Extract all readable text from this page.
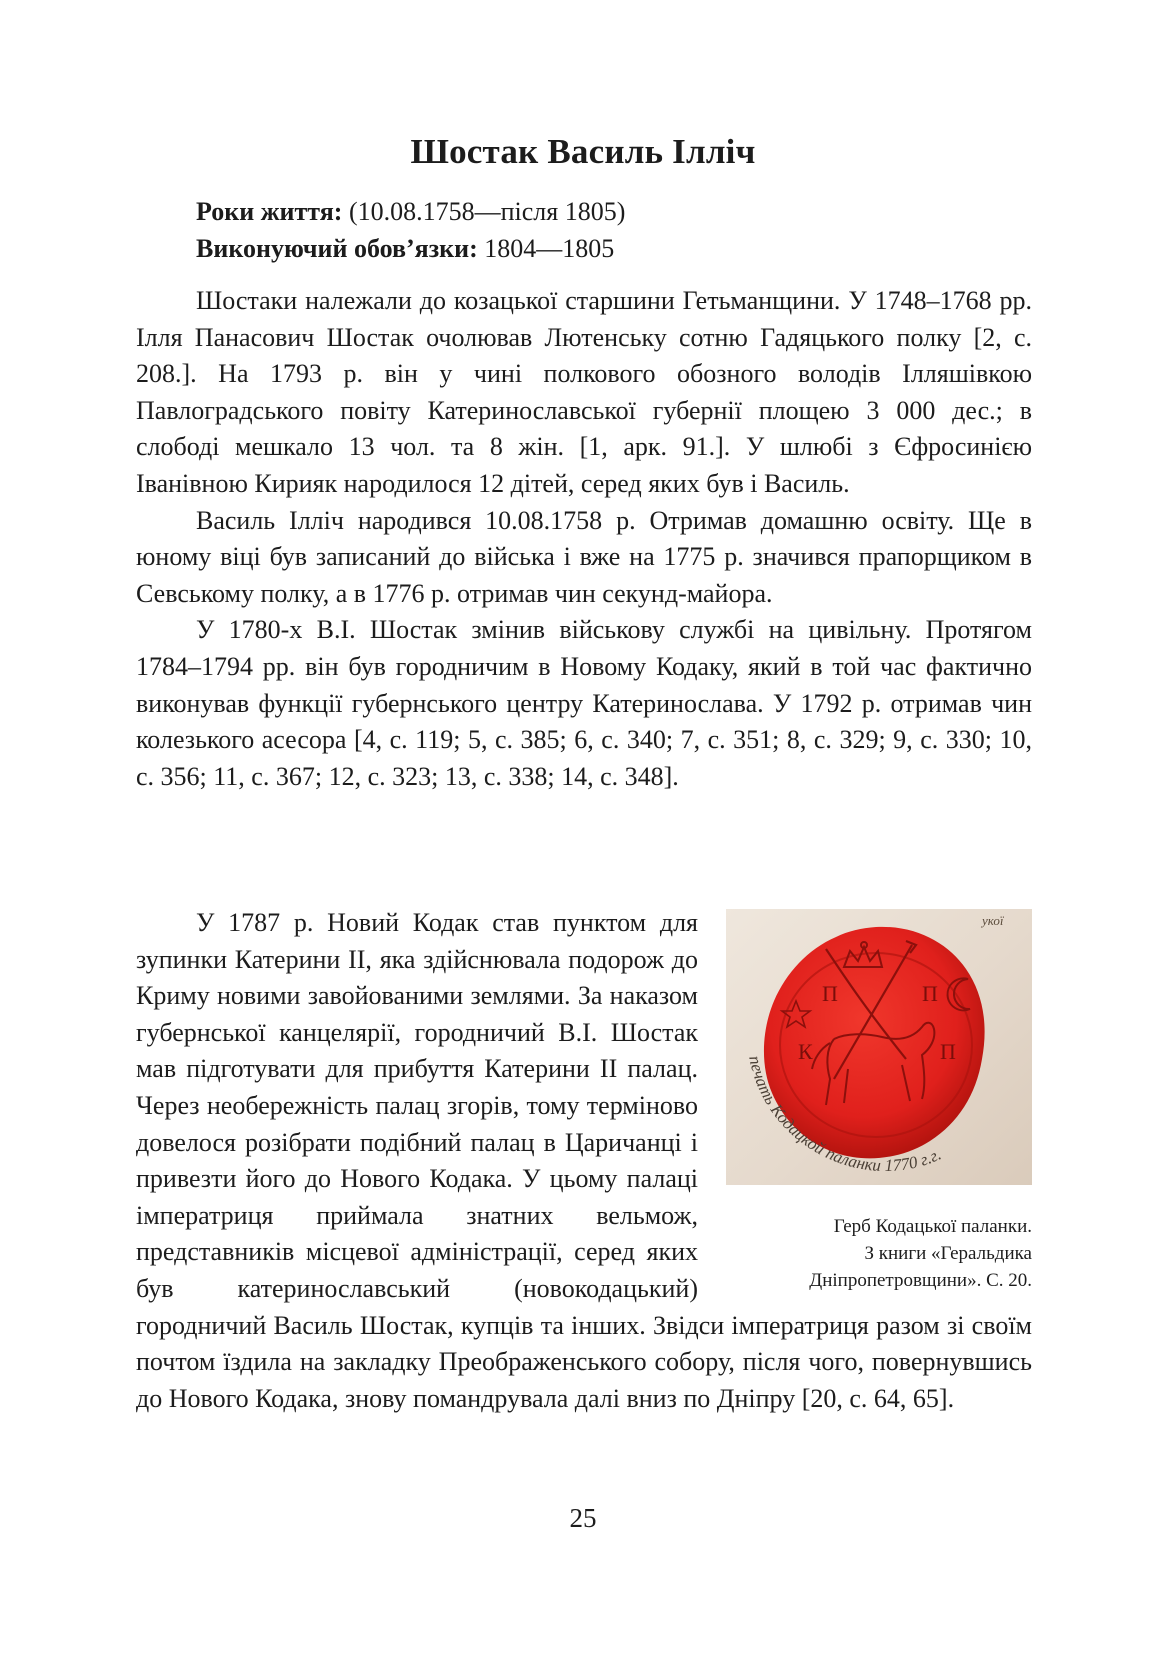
Шостак Василь Ілліч
Роки життя: (10.08.1758—після 1805)
Виконуючий обов’язки: 1804—1805

Шостаки належали до козацької старшини Гетьманщини. У 1748–1768 рр. Ілля Панасович Шостак очолював Лютенську сотню Гадяцького полку [2, с. 208.]. На 1793 р. він у чині полкового обозного володів Ілляшівкою Павлоградського повіту Катеринославської губернії площею 3 000 дес.; в слободі мешкало 13 чол. та 8 жін. [1, арк. 91.]. У шлюбі з Єфросинією Іванівною Кирияк народилося 12 дітей, серед яких був і Василь.

Василь Ілліч народився 10.08.1758 р. Отримав домашню освіту. Ще в юному віці був записаний до війська і вже на 1775 р. значився прапорщиком в Севському полку, а в 1776 р. отримав чин секунд-майора.

У 1780-х В.І. Шостак змінив військову службі на цивільну. Протягом 1784–1794 рр. він був городничим в Новому Кодаку, який в той час фактично виконував функції губернського центру Катеринослава. У 1792 р. отримав чин колезького асесора [4, с. 119; 5, с. 385; 6, с. 340; 7, с. 351; 8, с. 329; 9, с. 330; 10, с. 356; 11, с. 367; 12, с. 323; 13, с. 338; 14, с. 348].

П	П
К	П
укої
печать Кодацкой паланки 1770 г.г.
Герб Кодацької паланки.
З книги «Геральдика
Дніпропетровщини». С. 20.

У 1787 р. Новий Кодак став пунктом для зупинки Катерини ІІ, яка здійснювала подорож до Криму новими завойованими землями. За наказом губернської канцелярії, городничий В.І. Шостак мав підготувати для прибуття Катерини ІІ палац. Через необережність палац згорів, тому терміново довелося розібрати подібний палац в Царичанці і привезти його до Нового Кодака. У цьому палаці імператриця приймала знатних вельмож, представників місцевої адміністрації, серед яких був катеринославський (новокодацький) городничий Василь Шостак, купців та інших. Звідси імператриця разом зі своїм почтом їздила на закладку Преображенського собору, після чого, повернувшись до Нового Кодака, знову помандрувала далі вниз по Дніпру [20, с. 64, 65].

25
